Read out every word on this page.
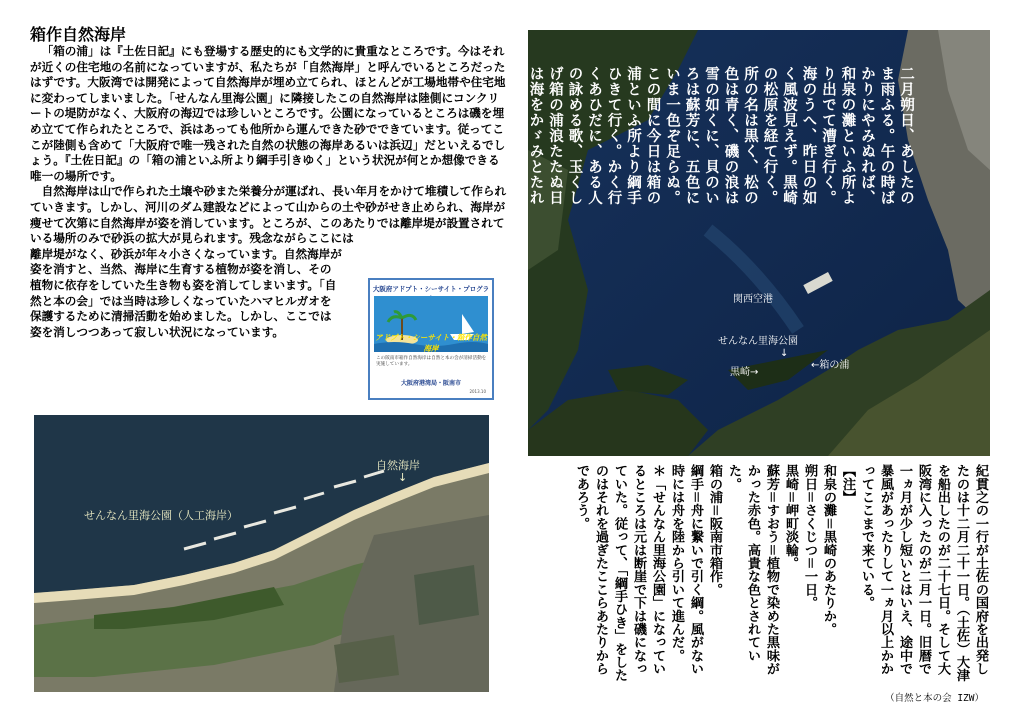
箱作自然海岸

「箱の浦」は『土佐日記』にも登場する歴史的にも文学的に貴重なところです。今はそれが近くの住宅地の名前になっていますが、私たちが「自然海岸」と呼んでいるところだったはずです。大阪湾では開発によって自然海岸が埋め立てられ、ほとんどが工場地帯や住宅地に変わってしまいました。「せんなん里海公園」に隣接したこの自然海岸は陸側にコンクリートの堤防がなく、大阪府の海辺では珍しいところです。公園になっているところは磯を埋め立てて作られたところで、浜はあっても他所から運んできた砂でできています。従ってここが陸側も含めて「大阪府で唯一残された自然の状態の海岸あるいは浜辺」だといえるでしょう。『土佐日記』の「箱の浦といふ所より綱手引きゆく」という状況が何とか想像できる唯一の場所です。

自然海岸は山で作られた土壌や砂また栄養分が運ばれ、長い年月をかけて堆積して作られていきます。しかし、河川のダム建設などによって山からの土や砂がせき止められ、海岸が痩せて次第に自然海岸が姿を消しています。ところが、このあたりでは離岸堤が設置されている場所のみで砂浜の拡大が見られます。残念ながらここには

離岸堤がなく、砂浜が年々小さくなっています。自然海岸が姿を消すと、当然、海岸に生育する植物が姿を消し、その植物に依存をしていた生き物も姿を消してしまいます。「自然と本の会」では当時は珍しくなっていたハマヒルガオを保護するために清掃活動を始めました。しかし、ここでは姿を消しつつあって寂しい状況になっています。
大阪府アドプト・シーサイト・プログラ
アドプト・シーサイト・箱作自然海岸
この阪南市箱作自然海岸は自然と本の会が清掃活動を実施しています。
大阪府港湾局・阪南市
2013.10
関西空港
せんなん里海公園
↓
黒崎→
←箱の浦
二月朔日、あしたのま雨ふる。午の時ばかりにやみぬれば、和泉の灘といふ所より出でて漕ぎ行く。海のうへ、昨日の如く風波見えず。黒崎の松原を経て行く。所の名は黒く、松の色は青く、磯の浪は雪の如くに、貝のいろは蘇芳に、五色にいま一色ぞ足らぬ。この間に今日は箱の浦といふ所より綱手ひきて行く。かく行くあひだに、ある人の詠める歌、玉くしげ箱の浦浪たたぬ日は海をかゞみとたれか見ざらむ。・・・
自然海岸
↓
せんなん里海公園（人工海岸）	紀貫之の一行が土佐の国府を出発したのは十二月二十一日。（土佐）大津を船出したのが二十七日。そして大阪湾に入ったのが二月一日。旧暦で一ヵ月が少し短いとはいえ、途中で暴風があったりして一ヵ月以上かかってここまで来ている。

【注】

和泉の灘＝黒崎のあたりか。

朔日＝さくじつ＝一日。

黒崎＝岬町淡輪。

蘇芳＝すおう＝植物で染めた黒味がかった赤色。高貴な色とされていた。

箱の浦＝阪南市箱作。

綱手＝舟に繋いで引く綱。風がない時には舟を陸から引いて進んだ。

＊「せんなん里海公園」になっているところは元は断崖で下は磯になっていた。従って、「綱手ひき」をしたのはそれを過ぎたここらあたりからであろう。

（自然と本の会 IZW）
